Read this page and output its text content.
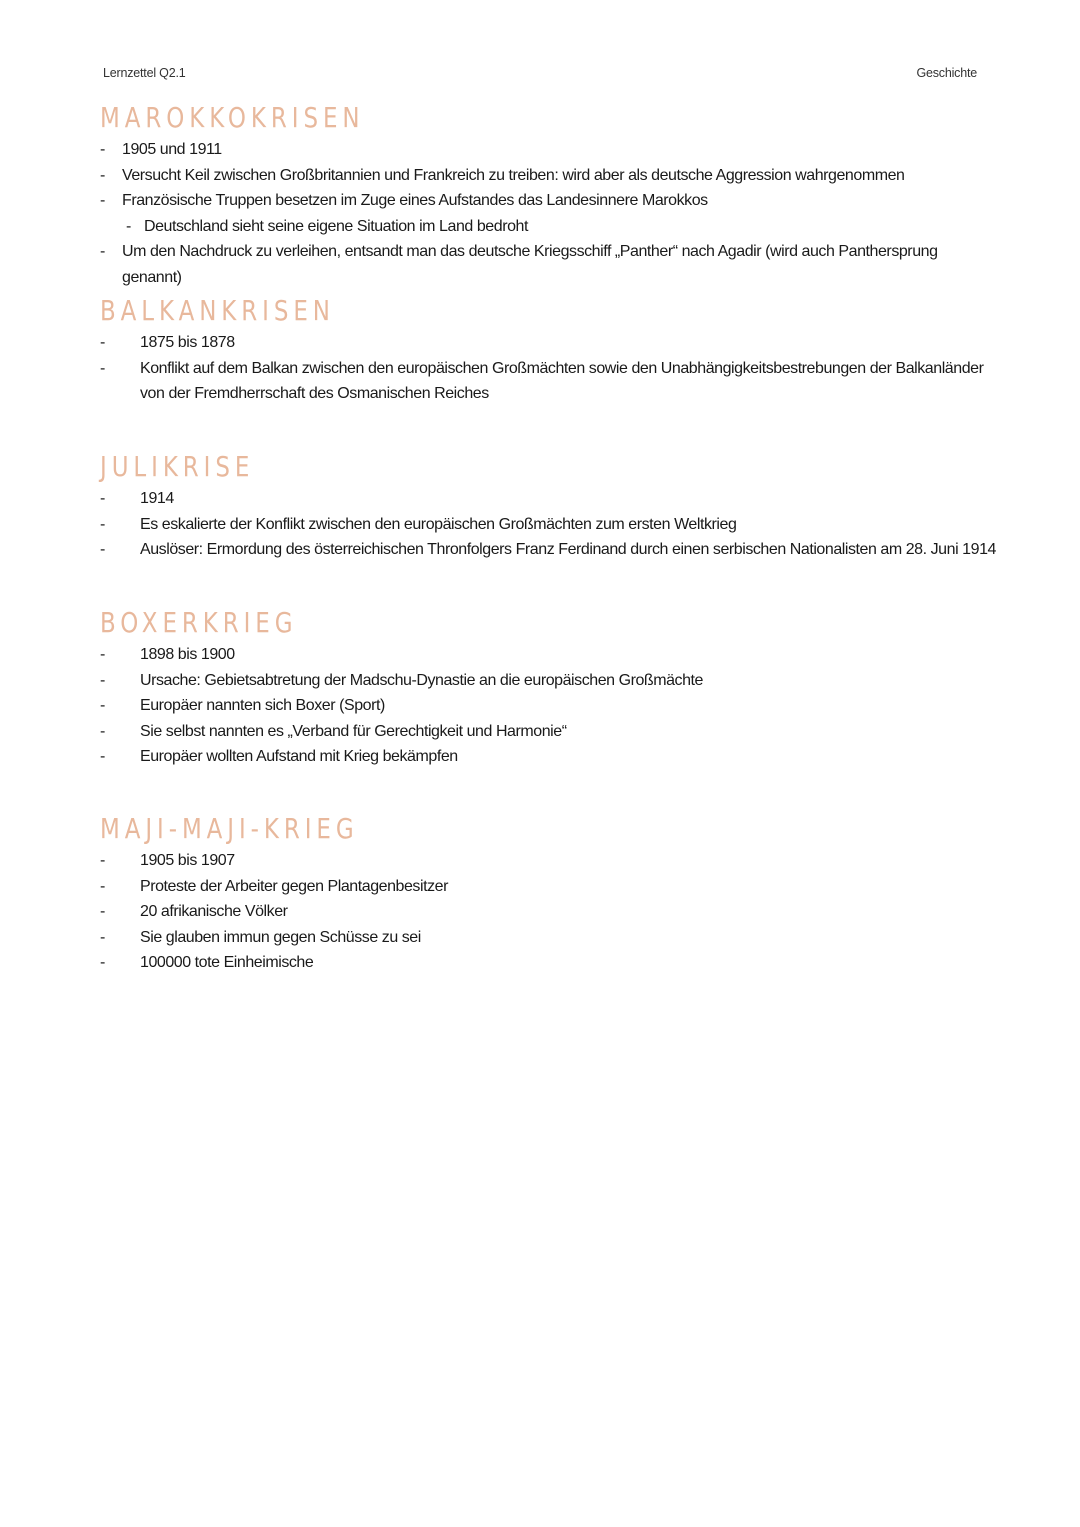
Lernzettel Q2.1	Geschichte
MAROKKOKRISEN
- 1905 und 1911
- Versucht Keil zwischen Großbritannien und Frankreich zu treiben: wird aber als deutsche Aggression wahrgenommen
- Französische Truppen besetzen im Zuge eines Aufstandes das Landesinnere Marokkos
- Deutschland sieht seine eigene Situation im Land bedroht
- Um den Nachdruck zu verleihen, entsandt man das deutsche Kriegsschiff „Panther“ nach Agadir (wird auch Panthersprung genannt)
BALKANKRISEN
- 1875 bis 1878
- Konflikt auf dem Balkan zwischen den europäischen Großmächten sowie den Unabhängigkeitsbestrebungen der Balkanländer von der Fremdherrschaft des Osmanischen Reiches
JULIKRISE
- 1914
- Es eskalierte der Konflikt zwischen den europäischen Großmächten zum ersten Weltkrieg
- Auslöser: Ermordung des österreichischen Thronfolgers Franz Ferdinand durch einen serbischen Nationalisten am 28. Juni 1914
BOXERKRIEG
- 1898 bis 1900
- Ursache: Gebietsabtretung der Madschu-Dynastie an die europäischen Großmächte
- Europäer nannten sich Boxer (Sport)
- Sie selbst nannten es „Verband für Gerechtigkeit und Harmonie“
- Europäer wollten Aufstand mit Krieg bekämpfen
MAJI-MAJI-KRIEG
- 1905 bis 1907
- Proteste der Arbeiter gegen Plantagenbesitzer
- 20 afrikanische Völker
- Sie glauben immun gegen Schüsse zu sei
- 100000 tote Einheimische
